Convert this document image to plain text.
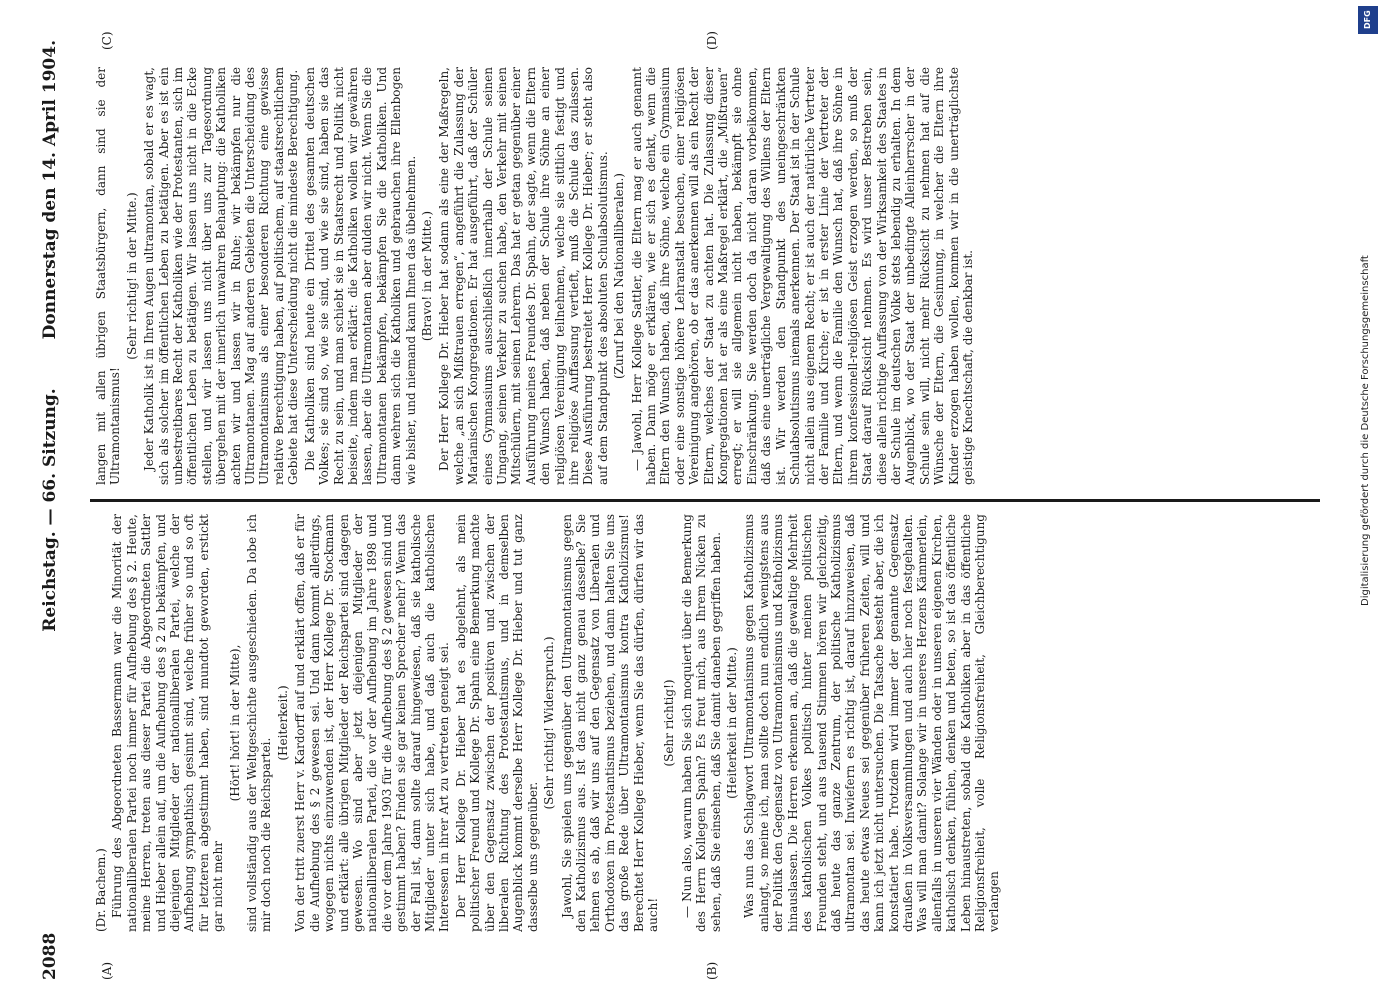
2088
Reichstag. — 66. Sitzung.
Donnerstag den 14. April 1904.
(A)	(B)
(C)	(D)

(Dr. Bachem.) Führung des Abgeordneten Bassermann war die Minorität der nationalliberalen Partei noch immer für Aufhebung des § 2. Heute, meine Herren, treten aus dieser Partei die Abgeordneten Sattler und Hieber allein auf, um die Aufhebung des § 2 zu bekämpfen, und diejenigen Mitglieder der nationalliberalen Partei, welche der Aufhebung sympathisch gesinnt sind, welche früher so und so oft für letzteren abgestimmt haben, sind mundtot geworden, erstickt gar nicht mehr

(Hört! hört! in der Mitte), sind vollständig aus der Weltgeschichte ausgeschieden. Da lobe ich mir doch noch die Reichspartei.

(Heiterkeit.) Von der tritt zuerst Herr v. Kardorff auf und erklärt offen, daß er für die Aufhebung des § 2 gewesen sei. Und dann kommt allerdings, wogegen nichts einzuwenden ist, der Herr Kollege Dr. Stockmann und erklärt: alle übrigen Mitglieder der Reichspartei sind dagegen gewesen. Wo sind aber jetzt diejenigen Mitglieder der nationalliberalen Partei, die vor der Aufhebung im Jahre 1898 und die vor dem Jahre 1903 für die Aufhebung des § 2 gewesen sind und gestimmt haben? Finden sie gar keinen Sprecher mehr? Wenn das der Fall ist, dann sollte darauf hingewiesen, daß sie katholische Mitglieder unter sich habe, und daß auch die katholischen Interessen in ihrer Art zu vertreten geneigt sei. Der Herr Kollege Dr. Hieber hat es abgelehnt, als mein politischer Freund und Kollege Dr. Spahn eine Bemerkung machte über den Gegensatz zwischen der positiven und zwischen der liberalen Richtung des Protestantismus, und in demselben Augenblick kommt derselbe Herr Kollege Dr. Hieber und tut ganz dasselbe uns gegenüber.

(Sehr richtig! Widerspruch.) Jawohl, Sie spielen uns gegenüber den Ultramontanismus gegen den Katholizismus aus. Ist das nicht ganz genau dasselbe? Sie lehnen es ab, daß wir uns auf den Gegensatz von Liberalen und Orthodoxen im Protestantismus beziehen, und dann halten Sie uns das große Rede über Ultramontanismus kontra Katholizismus! Berechtet Herr Kollege Hieber, wenn Sie das dürfen, dürfen wir das auch!

(Sehr richtig!) — Nun also, warum haben Sie sich moquiert über die Bemerkung des Herrn Kollegen Spahn? Es freut mich, aus Ihrem Nicken zu sehen, daß Sie einsehen, daß Sie damit daneben gegriffen haben. (Heiterkeit in der Mitte.) Was nun das Schlagwort Ultramontanismus gegen Katholizismus anlangt, so meine ich, man sollte doch nun endlich wenigstens aus der Politik den Gegensatz von Ultramontanismus und Katholizismus hinauslassen. Die Herren erkennen an, daß die gewaltige Mehrheit des katholischen Volkes politisch hinter meinen politischen Freunden steht, und aus tausend Stimmen hören wir gleichzeitig, daß heute das ganze Zentrum, der politische Katholizismus ultramontan sei. Inwiefern es richtig ist, darauf hinzuweisen, daß das heute etwas Neues sei gegenüber früheren Zeiten, will und kann ich jetzt nicht untersuchen. Die Tatsache besteht aber, die ich konstatiert habe. Trotzdem wird immer der genannte Gegensatz draußen in Volksversammlungen und auch hier noch festgehalten. Was will man damit? Solange wir in unseres Herzens Kämmerlein, allenfalls in unseren vier Wänden oder in unseren eigenen Kirchen, katholisch denken, fühlen, denken und beten, so ist das öffentliche Leben hinaustreten, sobald die Katholiken aber in das öffentliche Religionsfreiheit, volle Religionsfreiheit, Gleichberechtigung verlangen

langen mit allen übrigen Staatsbürgern, dann sind sie der Ultramontanismus!

(Sehr richtig! in der Mitte.) Jeder Katholik ist in Ihren Augen ultramontan, sobald er es wagt, sich als solcher im öffentlichen Leben zu betätigen. Aber es ist ein unbestreitbares Recht der Katholiken wie der Protestanten, sich im öffentlichen Leben zu betätigen. Wir lassen uns nicht in die Ecke stellen, und wir lassen uns nicht über uns zur Tagesordnung übergehen mit der innerlich unwahren Behauptung: die Katholiken achten wir und lassen wir in Ruhe; wir bekämpfen nur die Ultramontanen. Mag auf anderen Gebieten die Unterscheidung des Ultramontanismus als einer besonderen Richtung eine gewisse relative Berechtigung haben, auf politischem, auf staatsrechtlichem Gebiete hat diese Unterscheidung nicht die mindeste Berechtigung. Die Katholiken sind heute ein Drittel des gesamten deutschen Volkes; sie sind so, wie sie sind, und wie sie sind, haben sie das Recht zu sein, und man schiebt sie in Staatsrecht und Politik nicht beiseite, indem man erklärt: die Katholiken wollen wir gewähren lassen, aber die Ultramontanen aber dulden wir nicht. Wenn Sie die Ultramontanen bekämpfen, bekämpfen Sie die Katholiken. Und dann wehren sich die Katholiken und gebrauchen ihre Ellenbogen wie bisher, und niemand kann Ihnen das übelnehmen. (Bravo! in der Mitte.) Der Herr Kollege Dr. Hieber hat sodann als eine der Maßregeln, welche „an sich Mißtrauen erregen“, angeführt die Zulassung der Marianischen Kongregationen. Er hat ausgeführt, daß der Schüler eines Gymnasiums ausschließlich innerhalb der Schule seinen Umgang, seinen Verkehr zu suchen habe, den Verkehr mit seinen Mitschülern, mit seinen Lehrern. Das hat er getan gegenüber einer Ausführung meines Freundes Dr. Spahn, der sagte, wenn die Eltern den Wunsch haben, daß neben der Schule ihre Söhne an einer religiösen Vereinigung teilnehmen, welche sie sittlich festigt und ihre religiöse Auffassung vertieft, muß die Schule das zulassen. Diese Ausführung bestreitet Herr Kollege Dr. Hieber; er steht also auf dem Standpunkt des absoluten Schulabsolutismus. (Zuruf bei den Nationalliberalen.) — Jawohl, Herr Kollege Sattler, die Eltern mag er auch genannt haben. Dann möge er erklären, wie er sich es denkt, wenn die Eltern den Wunsch haben, daß ihre Söhne, welche ein Gymnasium oder eine sonstige höhere Lehranstalt besuchen, einer religiösen Vereinigung angehören, ob er das anerkennen will als ein Recht der Eltern, welches der Staat zu achten hat. Die Zulassung dieser Kongregationen hat er als eine Maßregel erklärt, die „Mißtrauen“ erregt; er will sie allgemein nicht haben, bekämpft sie ohne Einschränkung. Sie werden doch da nicht daran vorbeikommen, daß das eine unerträgliche Vergewaltigung des Willens der Eltern ist. Wir werden den Standpunkt des uneingeschränkten Schulabsolutismus niemals anerkennen. Der Staat ist in der Schule nicht allein aus eigenem Recht; er ist auch der natürliche Vertreter der Familie und Kirche; er ist in erster Linie der Vertreter der Eltern, und wenn die Familie den Wunsch hat, daß ihre Söhne in ihrem konfessionell-religiösen Geist erzogen werden, so muß der Staat darauf Rücksicht nehmen. Es wird unser Bestreben sein, diese allein richtige Auffassung von der Wirksamkeit des Staates in der Schule im deutschen Volke stets lebendig zu erhalten. In dem Augenblick, wo der Staat der unbedingte Alleinherrscher in der Schule sein will, nicht mehr Rücksicht zu nehmen hat auf die Wünsche der Eltern, die Gesinnung, in welcher die Eltern ihre Kinder erzogen haben wollen, kommen wir in die unerträglichste geistige Knechtschaft, die denkbar ist.

DFG
Digitalisierung gefördert durch die Deutsche Forschungsgemeinschaft
